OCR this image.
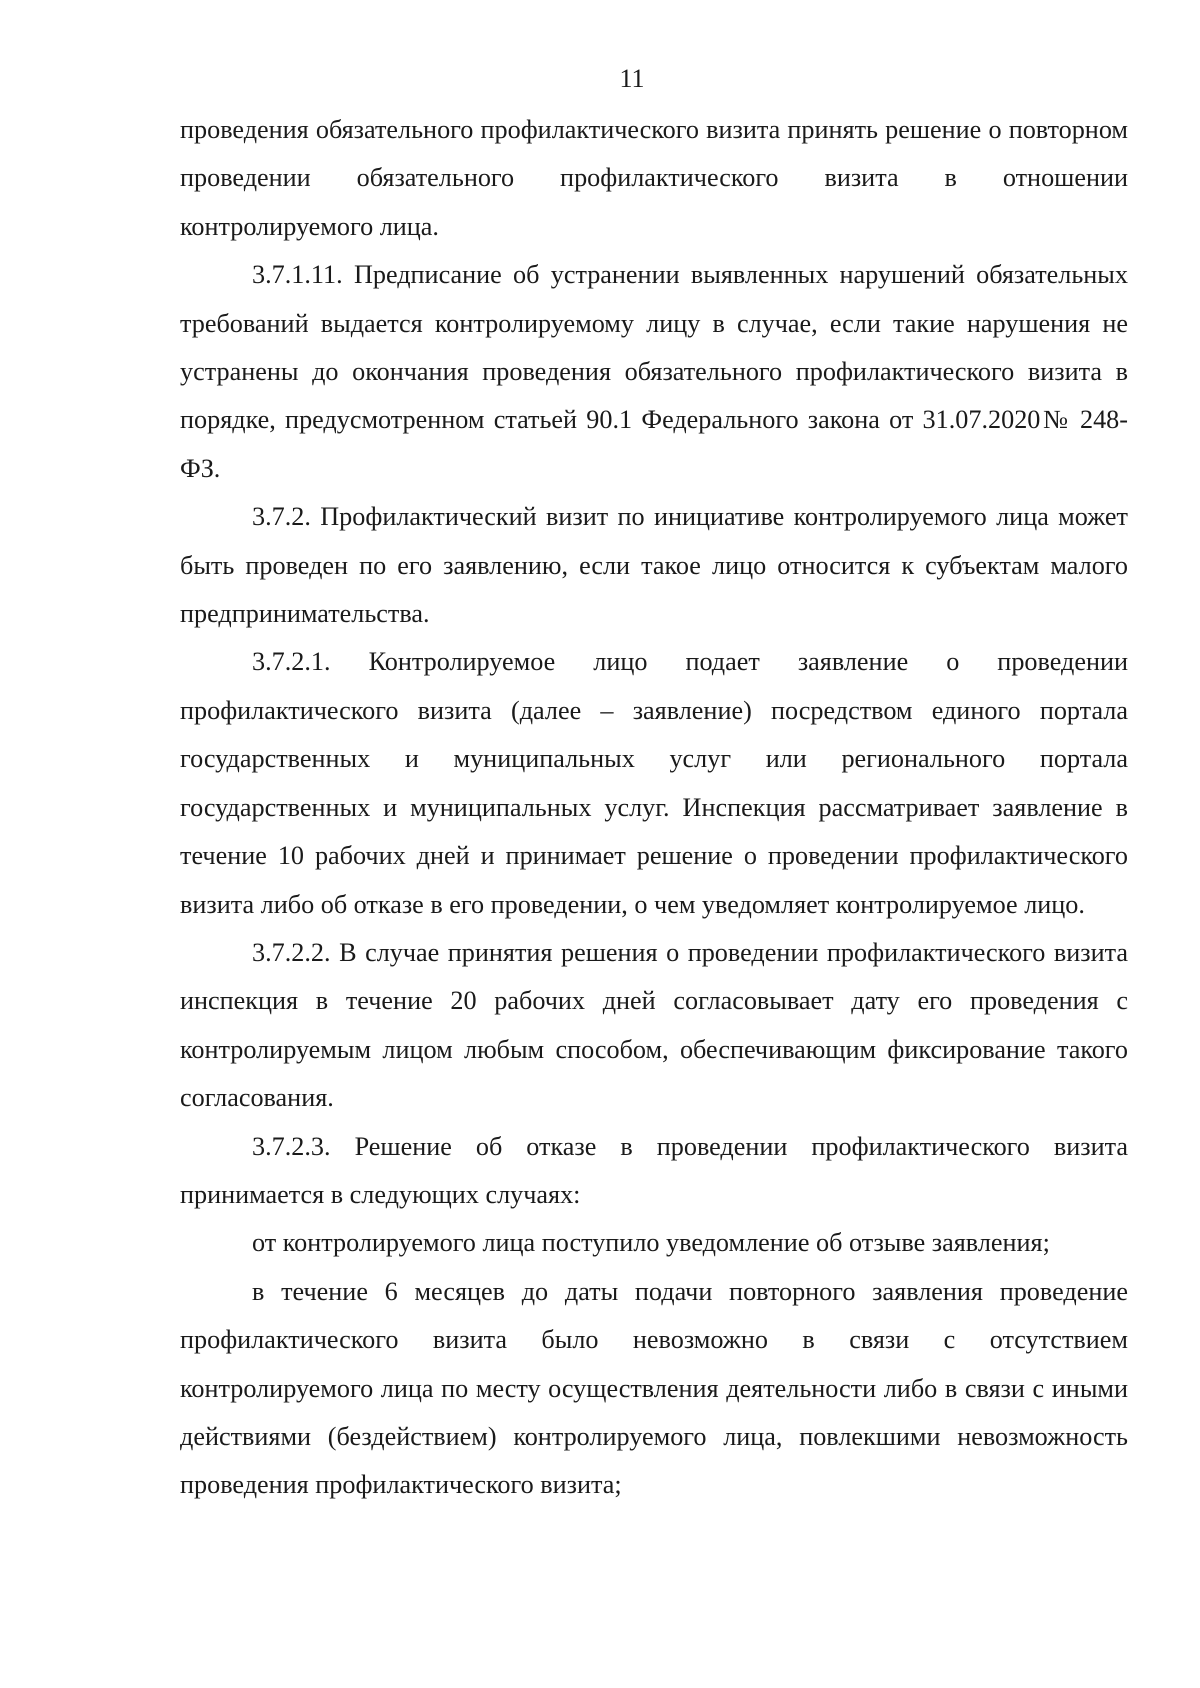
11

проведения обязательного профилактического визита принять решение о повторном проведении обязательного профилактического визита в отношении контролируемого лица.

3.7.1.11. Предписание об устранении выявленных нарушений обязательных требований выдается контролируемому лицу в случае, если такие нарушения не устранены до окончания проведения обязательного профилактического визита в порядке, предусмотренном статьей 90.1 Федерального закона от 31.07.2020№ 248-ФЗ.

3.7.2. Профилактический визит по инициативе контролируемого лица может быть проведен по его заявлению, если такое лицо относится к субъектам малого предпринимательства.

3.7.2.1. Контролируемое лицо подает заявление о проведении профилактического визита (далее – заявление) посредством единого портала государственных и муниципальных услуг или регионального портала государственных и муниципальных услуг. Инспекция рассматривает заявление в течение 10 рабочих дней и принимает решение о проведении профилактического визита либо об отказе в его проведении, о чем уведомляет контролируемое лицо.

3.7.2.2. В случае принятия решения о проведении профилактического визита инспекция в течение 20 рабочих дней согласовывает дату его проведения с контролируемым лицом любым способом, обеспечивающим фиксирование такого согласования.

3.7.2.3. Решение об отказе в проведении профилактического визита принимается в следующих случаях:

от контролируемого лица поступило уведомление об отзыве заявления;

в течение 6 месяцев до даты подачи повторного заявления проведение профилактического визита было невозможно в связи с отсутствием контролируемого лица по месту осуществления деятельности либо в связи с иными действиями (бездействием) контролируемого лица, повлекшими невозможность проведения профилактического визита;
